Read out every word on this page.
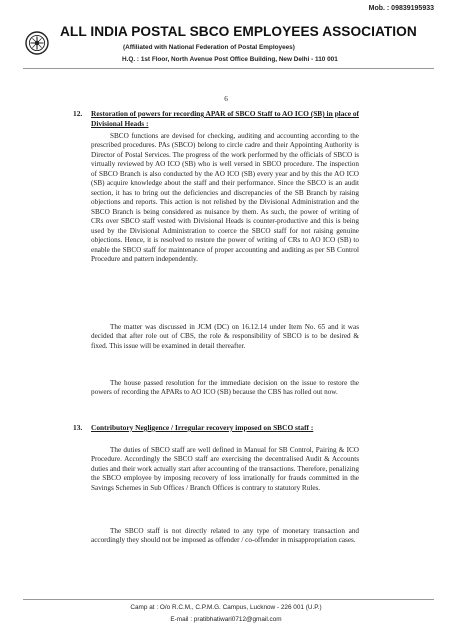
Mob. : 09839195933
ALL INDIA POSTAL SBCO EMPLOYEES ASSOCIATION
(Affiliated with National Federation of Postal Employees)
H.Q. : 1st Floor, North Avenue Post Office Building, New Delhi - 110 001
6
12. Restoration of powers for recording APAR of SBCO Staff to AO ICO (SB) in place of Divisional Heads :

SBCO functions are devised for checking, auditing and accounting according to the prescribed procedures. PAs (SBCO) belong to circle cadre and their Appointing Authority is Director of Postal Services. The progress of the work performed by the officials of SBCO is virtually reviewed by AO ICO (SB) who is well versed in SBCO procedure. The inspection of SBCO Branch is also conducted by the AO ICO (SB) every year and by this the AO ICO (SB) acquire knowledge about the staff and their performance. Since the SBCO is an audit section, it has to bring out the deficiencies and discrepancies of the SB Branch by raising objections and reports. This action is not relished by the Divisional Administration and the SBCO Branch is being considered as nuisance by them. As such, the power of writing of CRs over SBCO staff vested with Divisional Heads is counter-productive and this is being used by the Divisional Administration to coerce the SBCO staff for not raising genuine objections. Hence, it is resolved to restore the power of writing of CRs to AO ICO (SB) to enable the SBCO staff for maintenance of proper accounting and auditing as per SB Control Procedure and pattern independently.

The matter was discussed in JCM (DC) on 16.12.14 under Item No. 65 and it was decided that after role out of CBS, the role & responsibility of SBCO is to be desired & fixed. This issue will be examined in detail thereafter.

The house passed resolution for the immediate decision on the issue to restore the powers of recording the APARs to AO ICO (SB) because the CBS has rolled out now.

13. Contributory Negligence / Irregular recovery imposed on SBCO staff :

The duties of SBCO staff are well defined in Manual for SB Control, Pairing & ICO Procedure. Accordingly the SBCO staff are exercising the decentralised Audit & Accounts duties and their work actually start after accounting of the transactions. Therefore, penalizing the SBCO employee by imposing recovery of loss irrationally for frauds committed in the Savings Schemes in Sub Offices / Branch Offices is contrary to statutory Rules.

The SBCO staff is not directly related to any type of monetary transaction and accordingly they should not be imposed as offender / co-offender in misappropriation cases.

Camp at : O/o R.C.M., C.P.M.G. Campus, Lucknow - 226 001 (U.P.)
E-mail : pratibhatiwari0712@gmail.com
